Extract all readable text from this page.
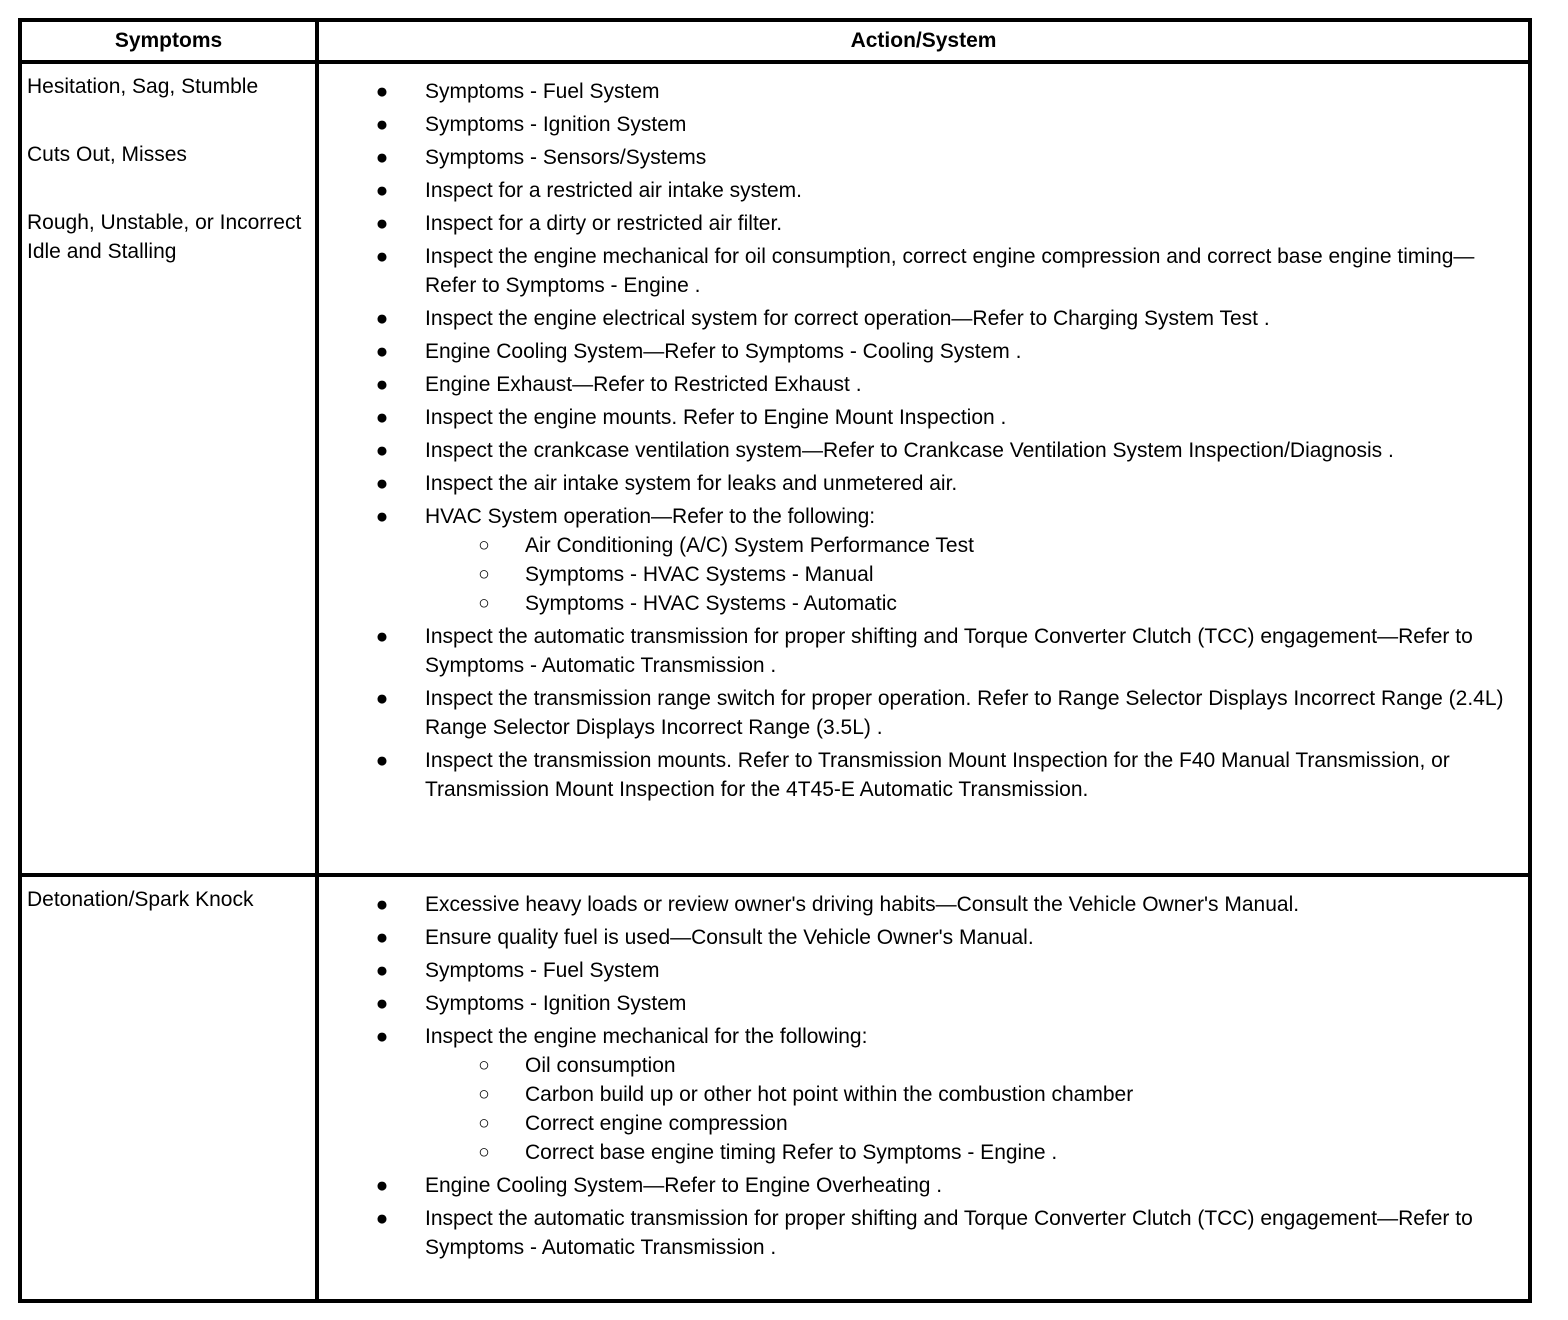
Symptoms	Action/System
Hesitation, Sag, Stumble
Cuts Out, Misses
Rough, Unstable, or Incorrect Idle and Stalling
● Symptoms - Fuel System
● Symptoms - Ignition System
● Symptoms - Sensors/Systems
● Inspect for a restricted air intake system.
● Inspect for a dirty or restricted air filter.
● Inspect the engine mechanical for oil consumption, correct engine compression and correct base engine timing—Refer to Symptoms - Engine .
● Inspect the engine electrical system for correct operation—Refer to Charging System Test .
● Engine Cooling System—Refer to Symptoms - Cooling System .
● Engine Exhaust—Refer to Restricted Exhaust .
● Inspect the engine mounts. Refer to Engine Mount Inspection .
● Inspect the crankcase ventilation system—Refer to Crankcase Ventilation System Inspection/Diagnosis .
● Inspect the air intake system for leaks and unmetered air.
● HVAC System operation—Refer to the following:
○ Air Conditioning (A/C) System Performance Test
○ Symptoms - HVAC Systems - Manual
○ Symptoms - HVAC Systems - Automatic
● Inspect the automatic transmission for proper shifting and Torque Converter Clutch (TCC) engagement—Refer to Symptoms - Automatic Transmission .
● Inspect the transmission range switch for proper operation. Refer to Range Selector Displays Incorrect Range (2.4L) Range Selector Displays Incorrect Range (3.5L) .
● Inspect the transmission mounts. Refer to Transmission Mount Inspection for the F40 Manual Transmission, or Transmission Mount Inspection for the 4T45-E Automatic Transmission.
Detonation/Spark Knock	● Excessive heavy loads or review owner's driving habits—Consult the Vehicle Owner's Manual.
● Ensure quality fuel is used—Consult the Vehicle Owner's Manual.
● Symptoms - Fuel System
● Symptoms - Ignition System
● Inspect the engine mechanical for the following:
○ Oil consumption
○ Carbon build up or other hot point within the combustion chamber
○ Correct engine compression
○ Correct base engine timing Refer to Symptoms - Engine .
● Engine Cooling System—Refer to Engine Overheating .
● Inspect the automatic transmission for proper shifting and Torque Converter Clutch (TCC) engagement—Refer to Symptoms - Automatic Transmission .
